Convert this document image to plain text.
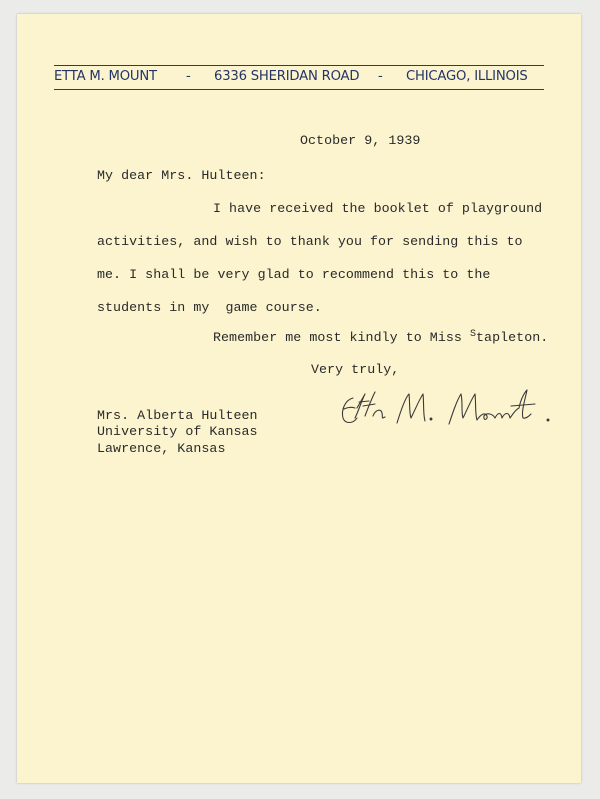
ETTA M. MOUNT - 6336 SHERIDAN ROAD - CHICAGO, ILLINOIS
October 9, 1939
My dear Mrs. Hulteen:
I have received the booklet of playground
activities, and wish to thank you for sending this to
me. I shall be very glad to recommend this to the
students in my  game course.
Remember me most kindly to Miss $^S$tapleton.
Very truly,
Mrs. Alberta Hulteen
University of Kansas
Lawrence, Kansas
